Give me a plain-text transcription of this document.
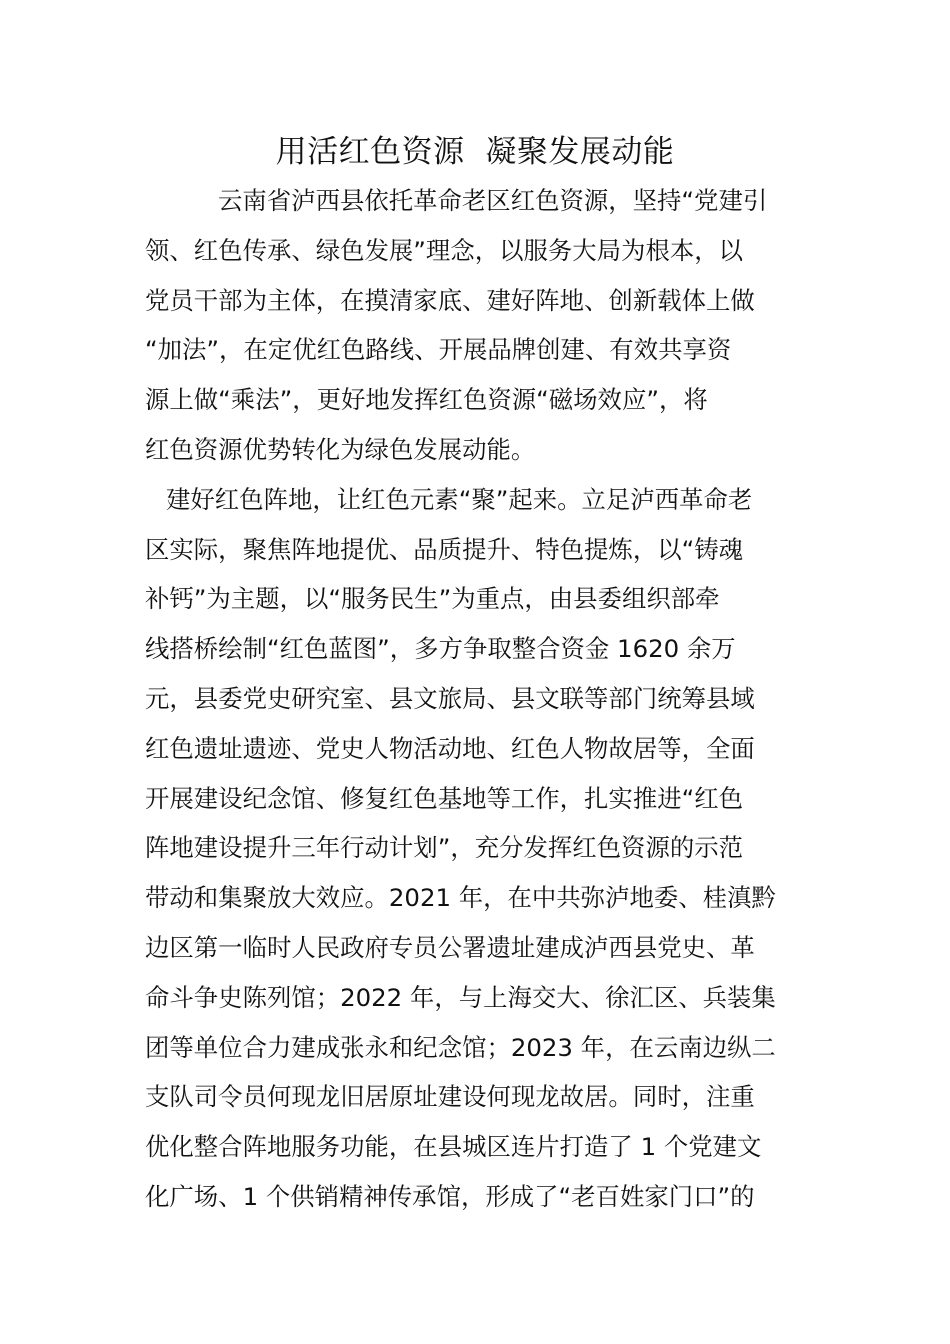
用活红色资源  凝聚发展动能
云南省泸西县依托革命老区红色资源，坚持“党建引
领、红色传承、绿色发展”理念，以服务大局为根本，以
党员干部为主体，在摸清家底、建好阵地、创新载体上做
“加法”，在定优红色路线、开展品牌创建、有效共享资
源上做“乘法”，更好地发挥红色资源“磁场效应”，将
红色资源优势转化为绿色发展动能。
建好红色阵地，让红色元素“聚”起来。立足泸西革命老
区实际，聚焦阵地提优、品质提升、特色提炼，以“铸魂
补钙”为主题，以“服务民生”为重点，由县委组织部牵
线搭桥绘制“红色蓝图”，多方争取整合资金 1620 余万
元，县委党史研究室、县文旅局、县文联等部门统筹县域
红色遗址遗迹、党史人物活动地、红色人物故居等，全面
开展建设纪念馆、修复红色基地等工作，扎实推进“红色
阵地建设提升三年行动计划”，充分发挥红色资源的示范
带动和集聚放大效应。2021 年，在中共弥泸地委、桂滇黔
边区第一临时人民政府专员公署遗址建成泸西县党史、革
命斗争史陈列馆；2022 年，与上海交大、徐汇区、兵装集
团等单位合力建成张永和纪念馆；2023 年，在云南边纵二
支队司令员何现龙旧居原址建设何现龙故居。同时，注重
优化整合阵地服务功能，在县城区连片打造了 1 个党建文
化广场、1 个供销精神传承馆，形成了“老百姓家门口”的
